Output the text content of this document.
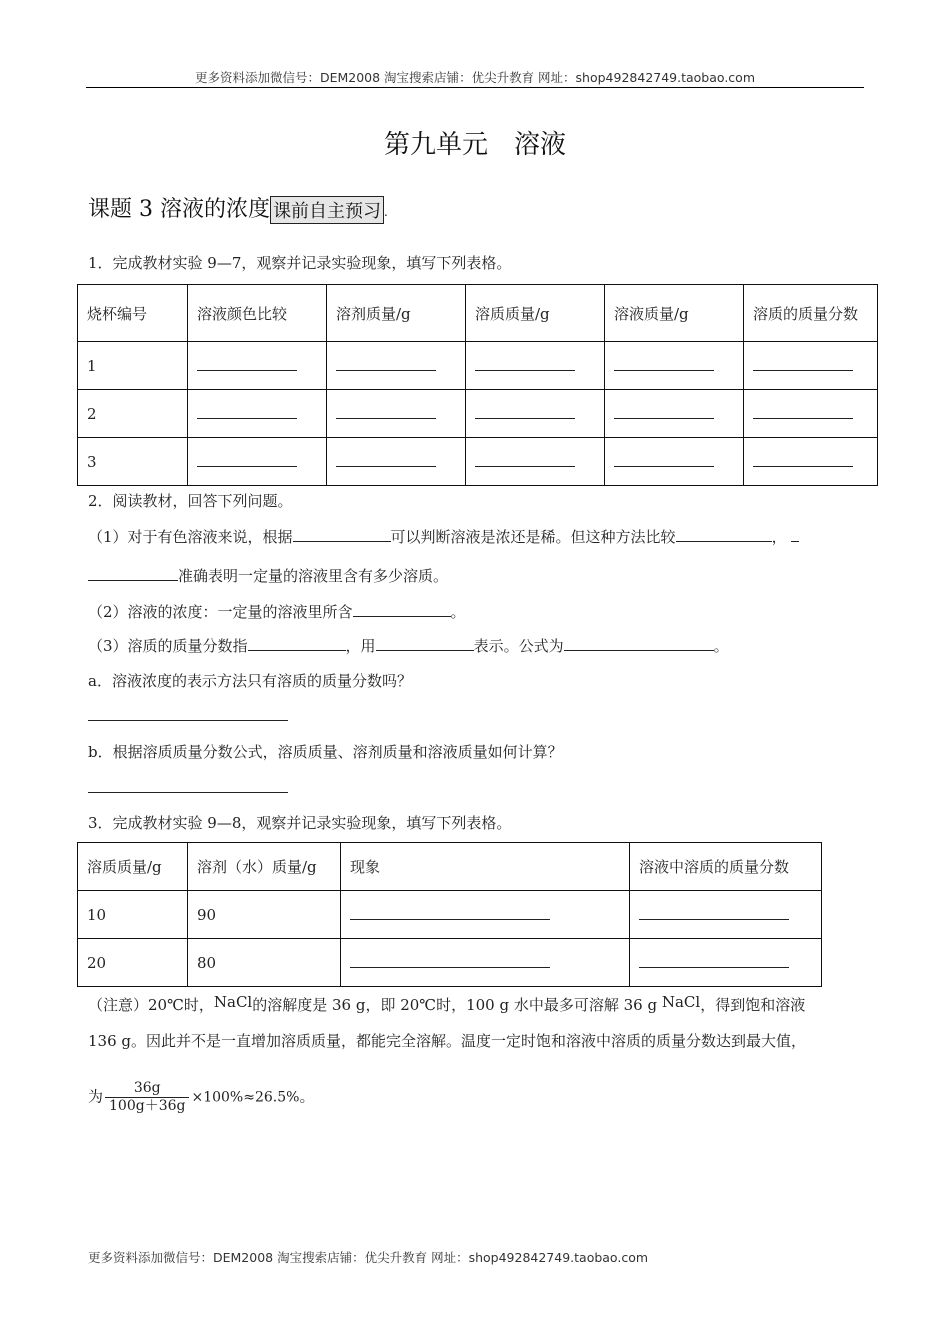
更多资料添加微信号：DEM2008 淘宝搜索店铺：优尖升教育 网址：shop492842749.taobao.com
第九单元　溶液
课题 3 溶液的浓度 课前自主预习 .
1．完成教材实验 9—7，观察并记录实验现象，填写下列表格。
烧杯编号	溶液颜色比较	溶剂质量/g	溶质质量/g	溶液质量/g	溶质的质量分数
1					
2					
3					
2．阅读教材，回答下列问题。
（1）对于有色溶液来说，根据	可以判断溶液是浓还是稀。但这种方法比较	，
准确表明一定量的溶液里含有多少溶质。
（2）溶液的浓度：一定量的溶液里所含	。
（3）溶质的质量分数指	，用	表示。公式为	。
a．溶液浓度的表示方法只有溶质的质量分数吗？
b．根据溶质质量分数公式，溶质质量、溶剂质量和溶液质量如何计算？
3．完成教材实验 9—8，观察并记录实验现象，填写下列表格。
溶质质量/g	溶剂（水）质量/g	现象	溶液中溶质的质量分数
10	90		
20	80		
（注意）20℃时，NaCl的溶解度是 36 g，即 20℃时，100 g 水中最多可溶解 36 g NaCl，得到饱和溶液
136 g。因此并不是一直增加溶质质量，都能完全溶解。温度一定时饱和溶液中溶质的质量分数达到最大值，
为 $\frac{36g}{100g+36g} \times 100\%\approx 26.5\%$。
更多资料添加微信号：DEM2008 淘宝搜索店铺：优尖升教育 网址：shop492842749.taobao.com
